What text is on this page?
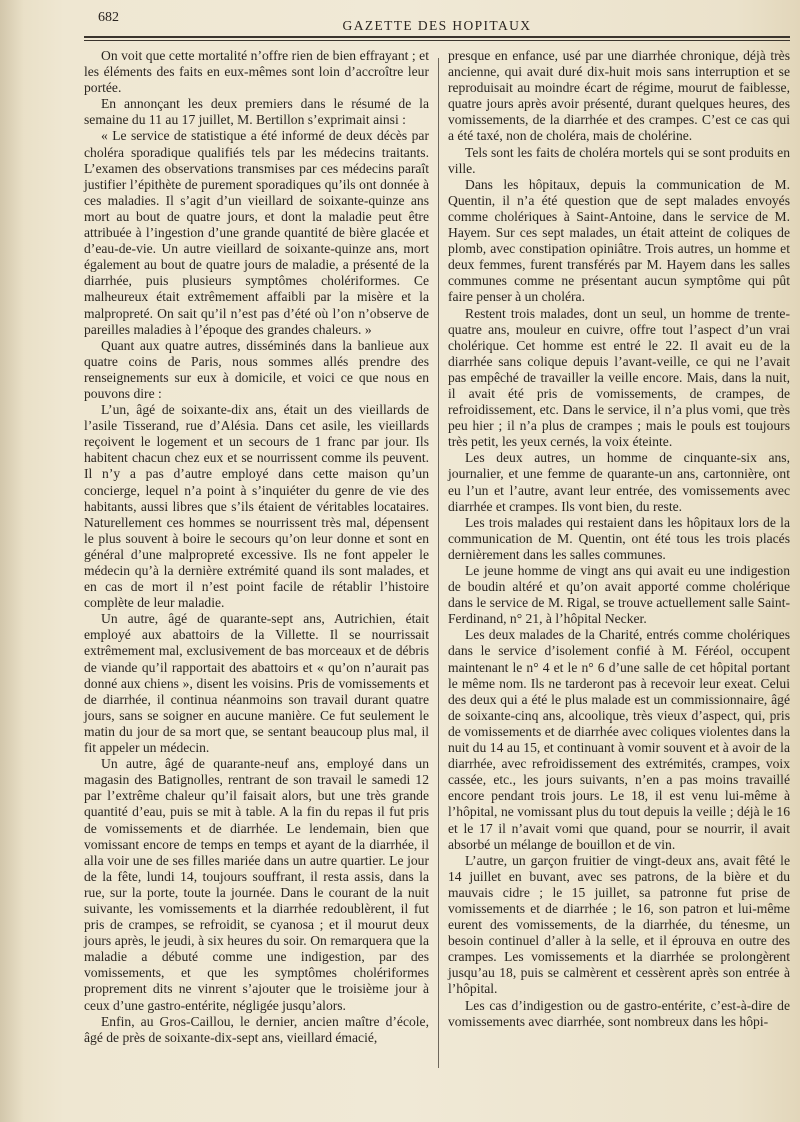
682
GAZETTE DES HOPITAUX

On voit que cette mortalité n’offre rien de bien effrayant ; et les éléments des faits en eux-mêmes sont loin d’accroître leur portée.

En annonçant les deux premiers dans le résumé de la semaine du 11 au 17 juillet, M. Bertillon s’exprimait ainsi :

« Le service de statistique a été informé de deux décès par choléra sporadique qualifiés tels par les médecins traitants. L’examen des observations transmises par ces médecins paraît justifier l’épithète de purement sporadiques qu’ils ont donnée à ces maladies. Il s’agit d’un vieillard de soixante-quinze ans mort au bout de quatre jours, et dont la maladie peut être attribuée à l’ingestion d’une grande quantité de bière glacée et d’eau-de-vie. Un autre vieillard de soixante-quinze ans, mort également au bout de quatre jours de maladie, a présenté de la diarrhée, puis plusieurs symptômes cholériformes. Ce malheureux était extrêmement affaibli par la misère et la malpropreté. On sait qu’il n’est pas d’été où l’on n’observe de pareilles maladies à l’époque des grandes chaleurs. »

Quant aux quatre autres, disséminés dans la banlieue aux quatre coins de Paris, nous sommes allés prendre des renseignements sur eux à domicile, et voici ce que nous en pouvons dire :

L’un, âgé de soixante-dix ans, était un des vieillards de l’asile Tisserand, rue d’Alésia. Dans cet asile, les vieillards reçoivent le logement et un secours de 1 franc par jour. Ils habitent chacun chez eux et se nourrissent comme ils peuvent. Il n’y a pas d’autre employé dans cette maison qu’un concierge, lequel n’a point à s’inquiéter du genre de vie des habitants, aussi libres que s’ils étaient de véritables locataires. Naturellement ces hommes se nourrissent très mal, dépensent le plus souvent à boire le secours qu’on leur donne et sont en général d’une malpropreté excessive. Ils ne font appeler le médecin qu’à la dernière extrémité quand ils sont malades, et en cas de mort il n’est point facile de rétablir l’histoire complète de leur maladie.

Un autre, âgé de quarante-sept ans, Autrichien, était employé aux abattoirs de la Villette. Il se nourrissait extrêmement mal, exclusivement de bas morceaux et de débris de viande qu’il rapportait des abattoirs et « qu’on n’aurait pas donné aux chiens », disent les voisins. Pris de vomissements et de diarrhée, il continua néanmoins son travail durant quatre jours, sans se soigner en aucune manière. Ce fut seulement le matin du jour de sa mort que, se sentant beaucoup plus mal, il fit appeler un médecin.

Un autre, âgé de quarante-neuf ans, employé dans un magasin des Batignolles, rentrant de son travail le samedi 12 par l’extrême chaleur qu’il faisait alors, but une très grande quantité d’eau, puis se mit à table. A la fin du repas il fut pris de vomissements et de diarrhée. Le lendemain, bien que vomissant encore de temps en temps et ayant de la diarrhée, il alla voir une de ses filles mariée dans un autre quartier. Le jour de la fête, lundi 14, toujours souffrant, il resta assis, dans la rue, sur la porte, toute la journée. Dans le courant de la nuit suivante, les vomissements et la diarrhée redoublèrent, il fut pris de crampes, se refroidit, se cyanosa ; et il mourut deux jours après, le jeudi, à six heures du soir. On remarquera que la maladie a débuté comme une indigestion, par des vomissements, et que les symptômes cholériformes proprement dits ne vinrent s’ajouter que le troisième jour à ceux d’une gastro-entérite, négligée jusqu’alors.

Enfin, au Gros-Caillou, le dernier, ancien maître d’école, âgé de près de soixante-dix-sept ans, vieillard émacié,

presque en enfance, usé par une diarrhée chronique, déjà très ancienne, qui avait duré dix-huit mois sans interruption et se reproduisait au moindre écart de régime, mourut de faiblesse, quatre jours après avoir présenté, durant quelques heures, des vomissements, de la diarrhée et des crampes. C’est ce cas qui a été taxé, non de choléra, mais de cholérine.

Tels sont les faits de choléra mortels qui se sont produits en ville.

Dans les hôpitaux, depuis la communication de M. Quentin, il n’a été question que de sept malades envoyés comme cholériques à Saint-Antoine, dans le service de M. Hayem. Sur ces sept malades, un était atteint de coliques de plomb, avec constipation opiniâtre. Trois autres, un homme et deux femmes, furent transférés par M. Hayem dans les salles communes comme ne présentant aucun symptôme qui pût faire penser à un choléra.

Restent trois malades, dont un seul, un homme de trente-quatre ans, mouleur en cuivre, offre tout l’aspect d’un vrai cholérique. Cet homme est entré le 22. Il avait eu de la diarrhée sans colique depuis l’avant-veille, ce qui ne l’avait pas empêché de travailler la veille encore. Mais, dans la nuit, il avait été pris de vomissements, de crampes, de refroidissement, etc. Dans le service, il n’a plus vomi, que très peu hier ; il n’a plus de crampes ; mais le pouls est toujours très petit, les yeux cernés, la voix éteinte.

Les deux autres, un homme de cinquante-six ans, journalier, et une femme de quarante-un ans, cartonnière, ont eu l’un et l’autre, avant leur entrée, des vomissements avec diarrhée et crampes. Ils vont bien, du reste.

Les trois malades qui restaient dans les hôpitaux lors de la communication de M. Quentin, ont été tous les trois placés dernièrement dans les salles communes.

Le jeune homme de vingt ans qui avait eu une indigestion de boudin altéré et qu’on avait apporté comme cholérique dans le service de M. Rigal, se trouve actuellement salle Saint-Ferdinand, n° 21, à l’hôpital Necker.

Les deux malades de la Charité, entrés comme cholériques dans le service d’isolement confié à M. Féréol, occupent maintenant le n° 4 et le n° 6 d’une salle de cet hôpital portant le même nom. Ils ne tarderont pas à recevoir leur exeat. Celui des deux qui a été le plus malade est un commissionnaire, âgé de soixante-cinq ans, alcoolique, très vieux d’aspect, qui, pris de vomissements et de diarrhée avec coliques violentes dans la nuit du 14 au 15, et continuant à vomir souvent et à avoir de la diarrhée, avec refroidissement des extrémités, crampes, voix cassée, etc., les jours suivants, n’en a pas moins travaillé encore pendant trois jours. Le 18, il est venu lui-même à l’hôpital, ne vomissant plus du tout depuis la veille ; déjà le 16 et le 17 il n’avait vomi que quand, pour se nourrir, il avait absorbé un mélange de bouillon et de vin.

L’autre, un garçon fruitier de vingt-deux ans, avait fêté le 14 juillet en buvant, avec ses patrons, de la bière et du mauvais cidre ; le 15 juillet, sa patronne fut prise de vomissements et de diarrhée ; le 16, son patron et lui-même eurent des vomissements, de la diarrhée, du ténesme, un besoin continuel d’aller à la selle, et il éprouva en outre des crampes. Les vomissements et la diarrhée se prolongèrent jusqu’au 18, puis se calmèrent et cessèrent après son entrée à l’hôpital.

Les cas d’indigestion ou de gastro-entérite, c’est-à-dire de vomissements avec diarrhée, sont nombreux dans les hôpi-
